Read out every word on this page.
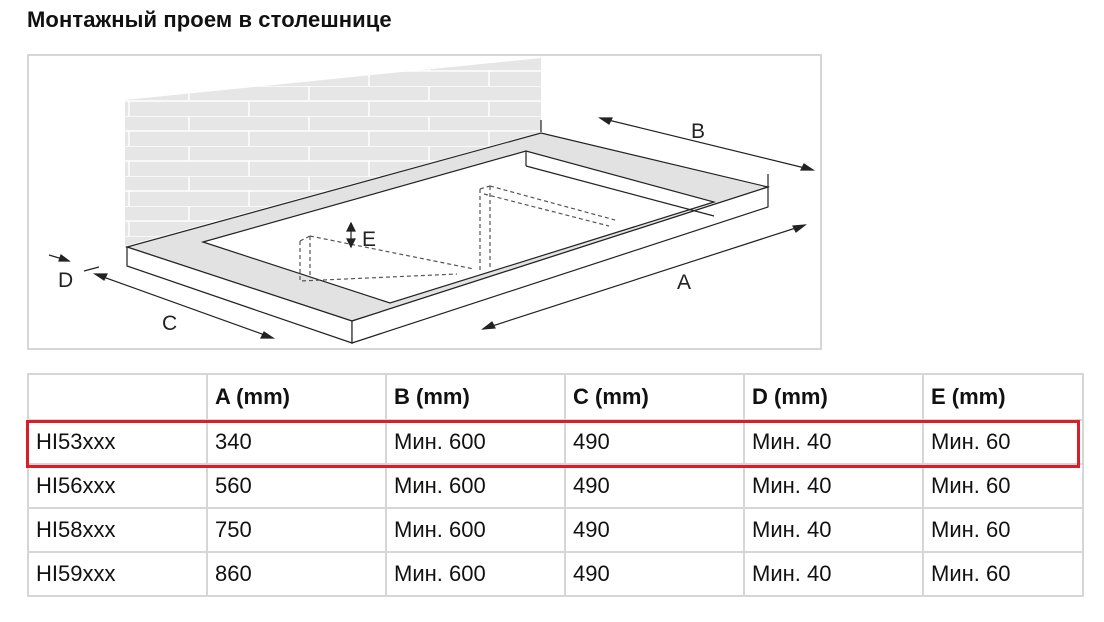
Монтажный проем в столешнице
B
A
C
D
E
	A (mm)	B (mm)	C (mm)	D (mm)	E (mm)
HI53xxx	340	Мин. 600	490	Мин. 40	Мин. 60
HI56xxx	560	Мин. 600	490	Мин. 40	Мин. 60
HI58xxx	750	Мин. 600	490	Мин. 40	Мин. 60
HI59xxx	860	Мин. 600	490	Мин. 40	Мин. 60
